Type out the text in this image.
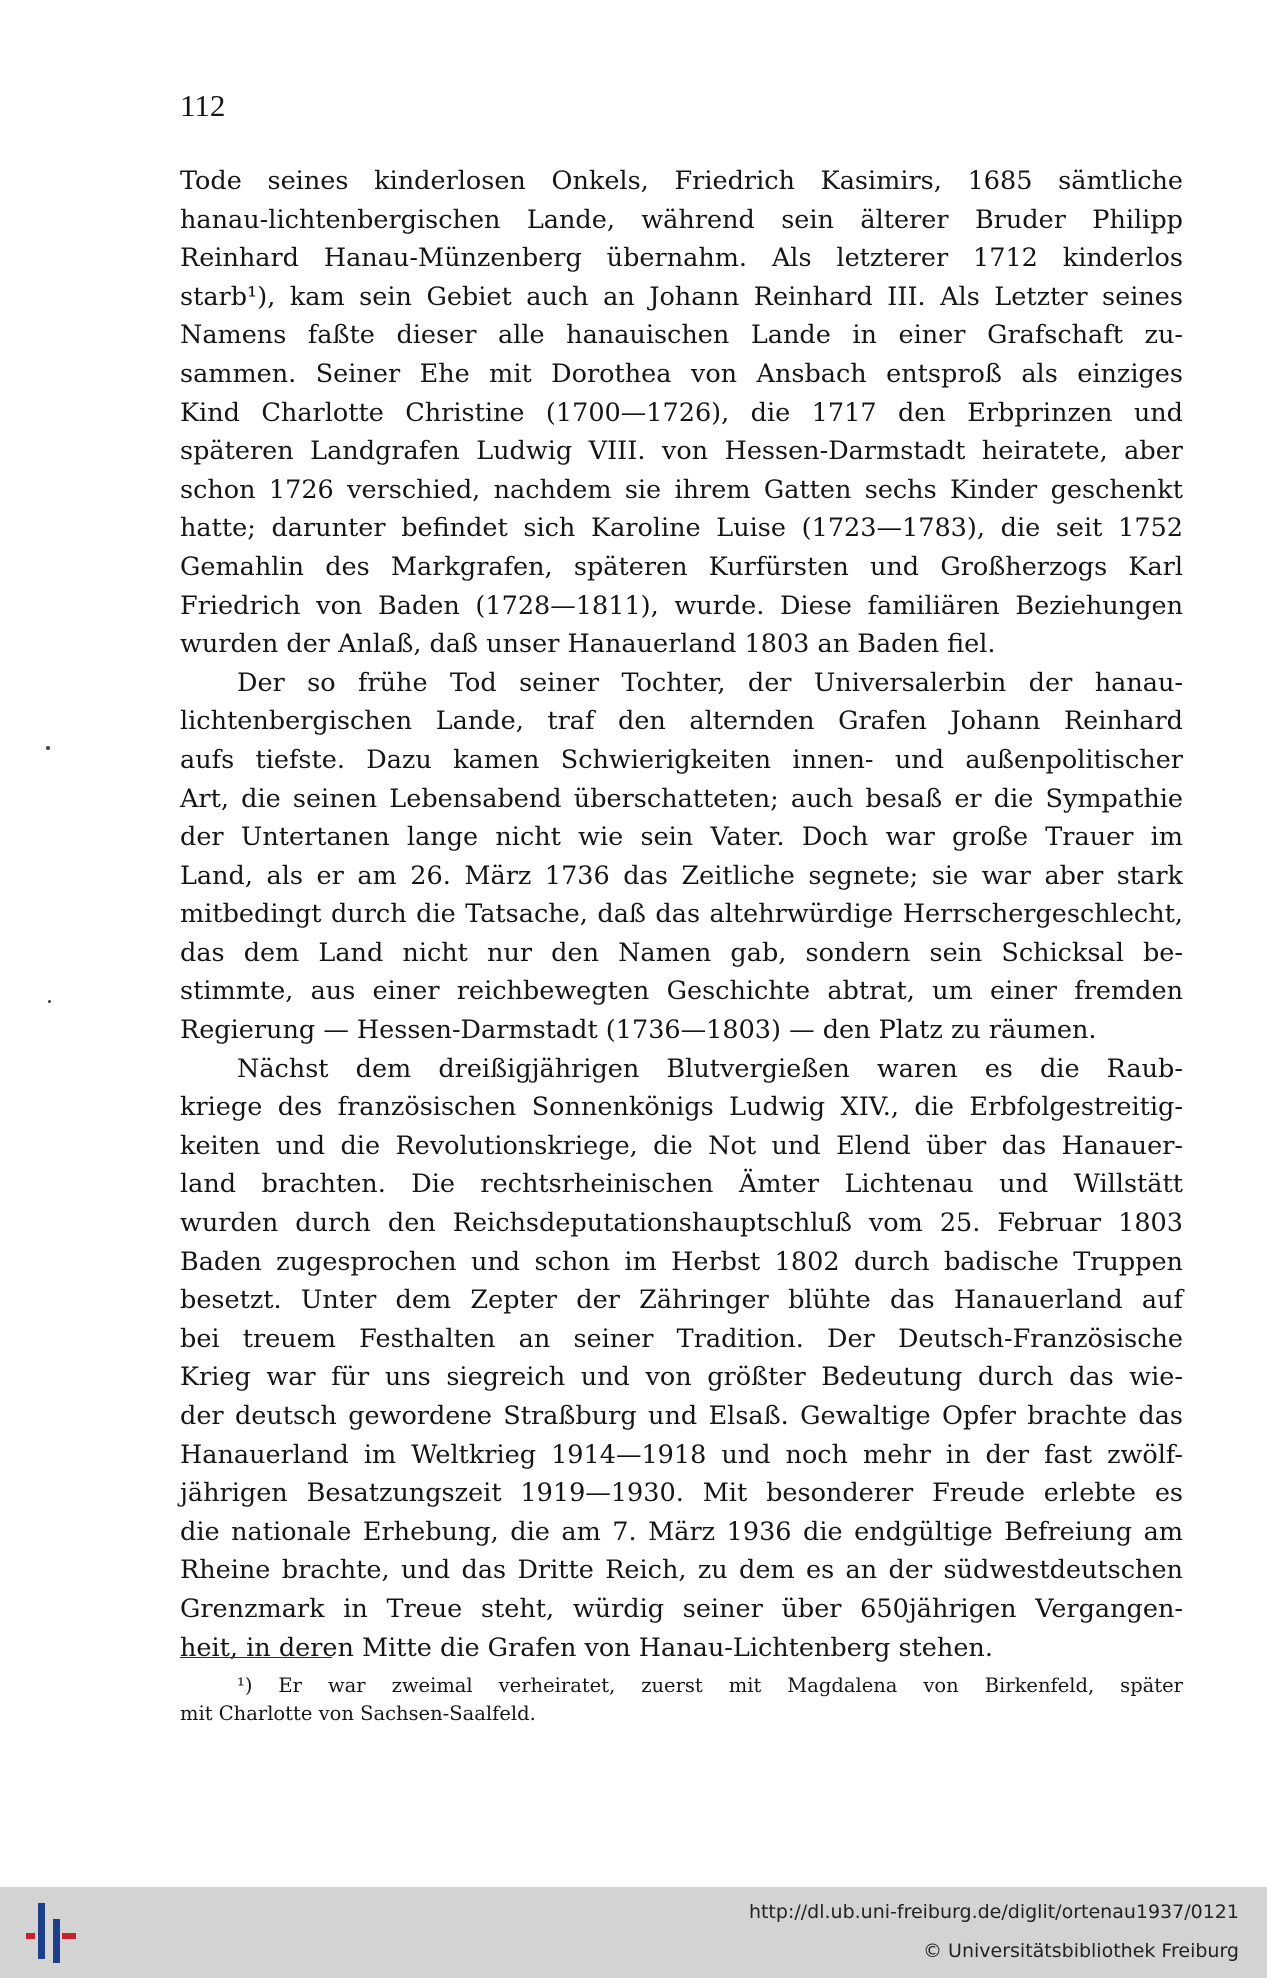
112
Tode seines kinderlosen Onkels, Friedrich Kasimirs, 1685 sämtliche
hanau-lichtenbergischen Lande, während sein älterer Bruder Philipp
Reinhard Hanau-Münzenberg übernahm. Als letzterer 1712 kinderlos
starb¹), kam sein Gebiet auch an Johann Reinhard III. Als Letzter seines
Namens faßte dieser alle hanauischen Lande in einer Grafschaft zu-
sammen. Seiner Ehe mit Dorothea von Ansbach entsproß als einziges
Kind Charlotte Christine (1700—1726), die 1717 den Erbprinzen und
späteren Landgrafen Ludwig VIII. von Hessen-Darmstadt heiratete, aber
schon 1726 verschied, nachdem sie ihrem Gatten sechs Kinder geschenkt
hatte; darunter befindet sich Karoline Luise (1723—1783), die seit 1752
Gemahlin des Markgrafen, späteren Kurfürsten und Großherzogs Karl
Friedrich von Baden (1728—1811), wurde. Diese familiären Beziehungen
wurden der Anlaß, daß unser Hanauerland 1803 an Baden fiel.
Der so frühe Tod seiner Tochter, der Universalerbin der hanau-
lichtenbergischen Lande, traf den alternden Grafen Johann Reinhard
aufs tiefste. Dazu kamen Schwierigkeiten innen- und außenpolitischer
Art, die seinen Lebensabend überschatteten; auch besaß er die Sympathie
der Untertanen lange nicht wie sein Vater. Doch war große Trauer im
Land, als er am 26. März 1736 das Zeitliche segnete; sie war aber stark
mitbedingt durch die Tatsache, daß das altehrwürdige Herrschergeschlecht,
das dem Land nicht nur den Namen gab, sondern sein Schicksal be-
stimmte, aus einer reichbewegten Geschichte abtrat, um einer fremden
Regierung — Hessen-Darmstadt (1736—1803) — den Platz zu räumen.
Nächst dem dreißigjährigen Blutvergießen waren es die Raub-
kriege des französischen Sonnenkönigs Ludwig XIV., die Erbfolgestreitig-
keiten und die Revolutionskriege, die Not und Elend über das Hanauer-
land brachten. Die rechtsrheinischen Ämter Lichtenau und Willstätt
wurden durch den Reichsdeputationshauptschluß vom 25. Februar 1803
Baden zugesprochen und schon im Herbst 1802 durch badische Truppen
besetzt. Unter dem Zepter der Zähringer blühte das Hanauerland auf
bei treuem Festhalten an seiner Tradition. Der Deutsch-Französische
Krieg war für uns siegreich und von größter Bedeutung durch das wie-
der deutsch gewordene Straßburg und Elsaß. Gewaltige Opfer brachte das
Hanauerland im Weltkrieg 1914—1918 und noch mehr in der fast zwölf-
jährigen Besatzungszeit 1919—1930. Mit besonderer Freude erlebte es
die nationale Erhebung, die am 7. März 1936 die endgültige Befreiung am
Rheine brachte, und das Dritte Reich, zu dem es an der südwestdeutschen
Grenzmark in Treue steht, würdig seiner über 650jährigen Vergangen-
heit, in deren Mitte die Grafen von Hanau-Lichtenberg stehen.
¹) Er war zweimal verheiratet, zuerst mit Magdalena von Birkenfeld, später
mit Charlotte von Sachsen-Saalfeld.
http://dl.ub.uni-freiburg.de/diglit/ortenau1937/0121
© Universitätsbibliothek Freiburg
